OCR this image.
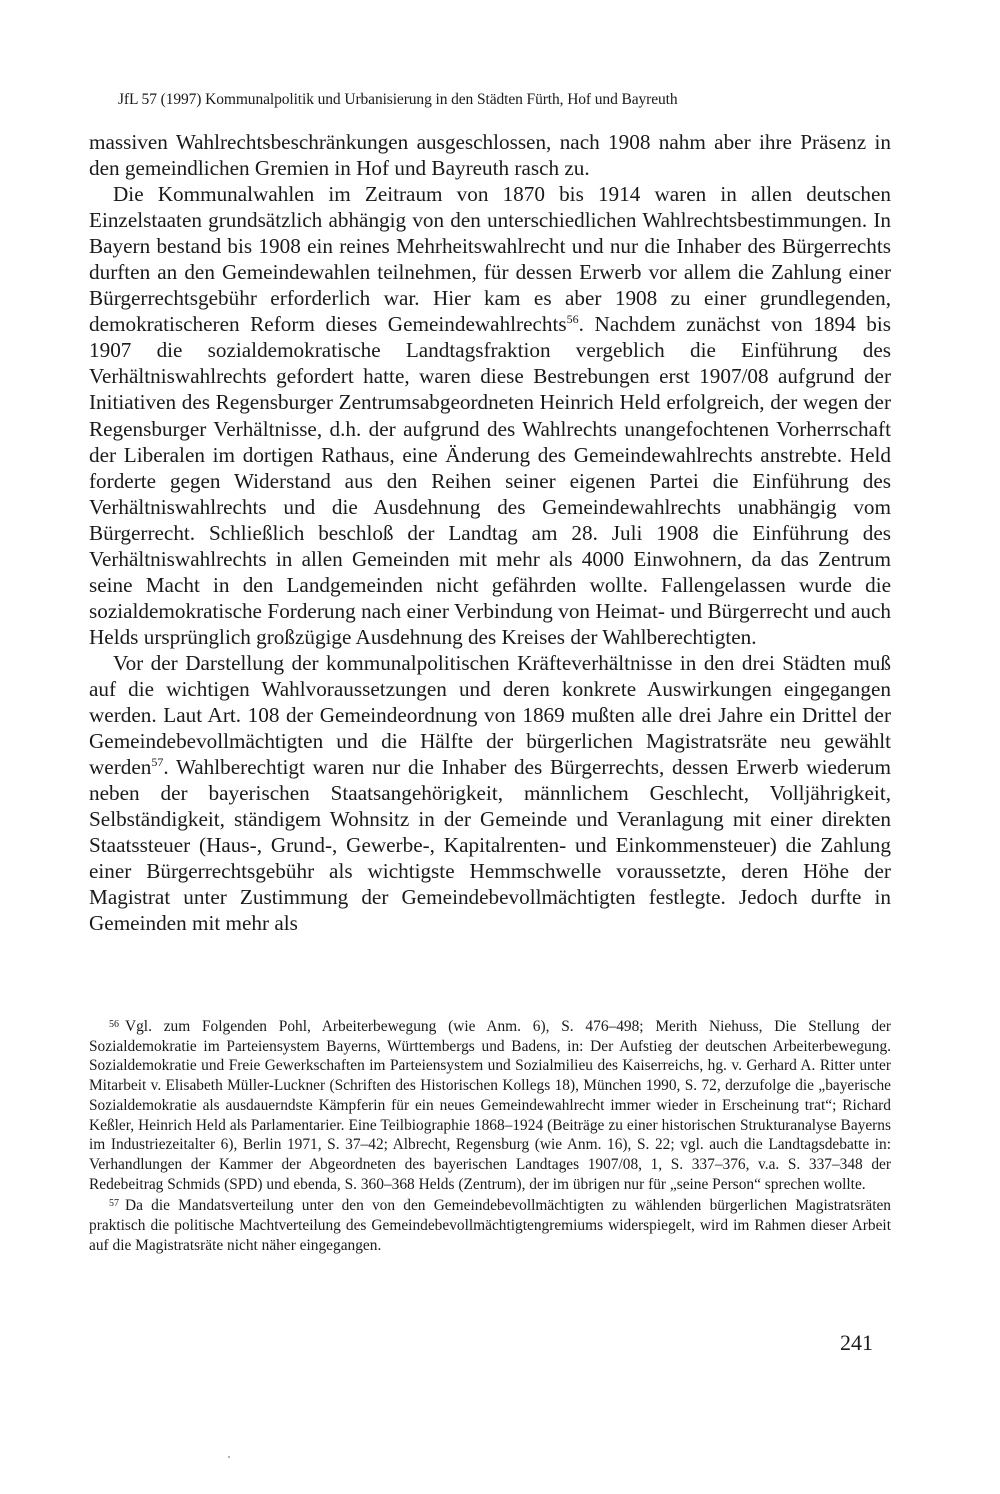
JfL 57 (1997) Kommunalpolitik und Urbanisierung in den Städten Fürth, Hof und Bayreuth

massiven Wahlrechtsbeschränkungen ausgeschlossen, nach 1908 nahm aber ihre Präsenz in den gemeindlichen Gremien in Hof und Bayreuth rasch zu.

Die Kommunalwahlen im Zeitraum von 1870 bis 1914 waren in allen deutschen Einzelstaaten grundsätzlich abhängig von den unterschiedlichen Wahlrechtsbestimmungen. In Bayern bestand bis 1908 ein reines Mehrheitswahlrecht und nur die Inhaber des Bürgerrechts durften an den Gemeindewahlen teilnehmen, für dessen Erwerb vor allem die Zahlung einer Bürgerrechtsgebühr erforderlich war. Hier kam es aber 1908 zu einer grundlegenden, demokratischeren Reform dieses Gemeindewahlrechts$^{56}$. Nachdem zunächst von 1894 bis 1907 die sozialdemokratische Landtagsfraktion vergeblich die Einführung des Verhältniswahlrechts gefordert hatte, waren diese Bestrebungen erst 1907/08 aufgrund der Initiativen des Regensburger Zentrumsabgeordneten Heinrich Held erfolgreich, der wegen der Regensburger Verhältnisse, d.h. der aufgrund des Wahlrechts unangefochtenen Vorherrschaft der Liberalen im dortigen Rathaus, eine Änderung des Gemeindewahlrechts anstrebte. Held forderte gegen Widerstand aus den Reihen seiner eigenen Partei die Einführung des Verhältniswahlrechts und die Ausdehnung des Gemeindewahlrechts unabhängig vom Bürgerrecht. Schließlich beschloß der Landtag am 28. Juli 1908 die Einführung des Verhältniswahlrechts in allen Gemeinden mit mehr als 4000 Einwohnern, da das Zentrum seine Macht in den Landgemeinden nicht gefährden wollte. Fallengelassen wurde die sozialdemokratische Forderung nach einer Verbindung von Heimat- und Bürgerrecht und auch Helds ursprünglich großzügige Ausdehnung des Kreises der Wahlberechtigten.

Vor der Darstellung der kommunalpolitischen Kräfteverhältnisse in den drei Städten muß auf die wichtigen Wahlvoraussetzungen und deren konkrete Auswirkungen eingegangen werden. Laut Art. 108 der Gemeindeordnung von 1869 mußten alle drei Jahre ein Drittel der Gemeindebevollmächtigten und die Hälfte der bürgerlichen Magistratsräte neu gewählt werden$^{57}$. Wahlberechtigt waren nur die Inhaber des Bürgerrechts, dessen Erwerb wiederum neben der bayerischen Staatsangehörigkeit, männlichem Geschlecht, Volljährigkeit, Selbständigkeit, ständigem Wohnsitz in der Gemeinde und Veranlagung mit einer direkten Staatssteuer (Haus-, Grund-, Gewerbe-, Kapitalrenten- und Einkommensteuer) die Zahlung einer Bürgerrechtsgebühr als wichtigste Hemmschwelle voraussetzte, deren Höhe der Magistrat unter Zustimmung der Gemeindebevollmächtigten festlegte. Jedoch durfte in Gemeinden mit mehr als

$^{56}$ Vgl. zum Folgenden Pohl, Arbeiterbewegung (wie Anm. 6), S. 476–498; Merith Niehuss, Die Stellung der Sozialdemokratie im Parteiensystem Bayerns, Württembergs und Badens, in: Der Aufstieg der deutschen Arbeiterbewegung. Sozialdemokratie und Freie Gewerkschaften im Parteiensystem und Sozialmilieu des Kaiserreichs, hg. v. Gerhard A. Ritter unter Mitarbeit v. Elisabeth Müller-Luckner (Schriften des Historischen Kollegs 18), München 1990, S. 72, derzufolge die „bayerische Sozialdemokratie als ausdauerndste Kämpferin für ein neues Gemeindewahlrecht immer wieder in Erscheinung trat“; Richard Keßler, Heinrich Held als Parlamentarier. Eine Teilbiographie 1868–1924 (Beiträge zu einer historischen Strukturanalyse Bayerns im Industriezeitalter 6), Berlin 1971, S. 37–42; Albrecht, Regensburg (wie Anm. 16), S. 22; vgl. auch die Landtagsdebatte in: Verhandlungen der Kammer der Abgeordneten des bayerischen Landtages 1907/08, 1, S. 337–376, v.a. S. 337–348 der Redebeitrag Schmids (SPD) und ebenda, S. 360–368 Helds (Zentrum), der im übrigen nur für „seine Person“ sprechen wollte.

$^{57}$ Da die Mandatsverteilung unter den von den Gemeindebevollmächtigten zu wählenden bürgerlichen Magistratsräten praktisch die politische Machtverteilung des Gemeindebevollmächtigtengremiums widerspiegelt, wird im Rahmen dieser Arbeit auf die Magistratsräte nicht näher eingegangen.

241
